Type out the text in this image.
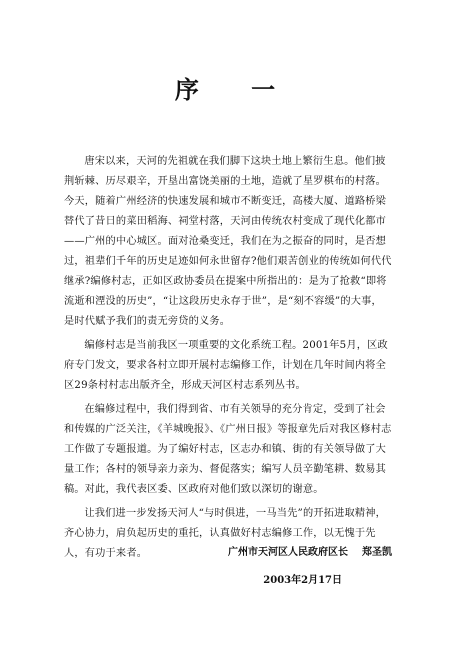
序 一

唐宋以来，天河的先祖就在我们脚下这块土地上繁衍生息。他们披荆斩棘、历尽艰辛，开垦出富饶美丽的土地，造就了星罗棋布的村落。今天，随着广州经济的快速发展和城市不断变迁，高楼大厦、道路桥梁替代了昔日的菜田稻海、祠堂村落，天河由传统农村变成了现代化都市——广州的中心城区。面对沧桑变迁，我们在为之振奋的同时，是否想过，祖辈们千年的历史足迹如何永世留存?他们艰苦创业的传统如何代代继承?编修村志，正如区政协委员在提案中所指出的：是为了抢救“即将流逝和湮没的历史”，“让这段历史永存于世”，是“刻不容缓”的大事，是时代赋予我们的责无旁贷的义务。

编修村志是当前我区一项重要的文化系统工程。2001年5月，区政府专门发文，要求各村立即开展村志编修工作，计划在几年时间内将全区29条村村志出版齐全，形成天河区村志系列丛书。

在编修过程中，我们得到省、市有关领导的充分肯定，受到了社会和传媒的广泛关注，《羊城晚报》、《广州日报》等报章先后对我区修村志工作做了专题报道。为了编好村志，区志办和镇、街的有关领导做了大量工作；各村的领导亲力亲为、督促落实；编写人员辛勤笔耕、数易其稿。对此，我代表区委、区政府对他们致以深切的谢意。

让我们进一步发扬天河人“与时俱进，一马当先”的开拓进取精神，齐心协力，肩负起历史的重托，认真做好村志编修工作，以无愧于先人，有功于来者。	广州市天河区人民政府区长 郑圣凯
2003年2月17日
